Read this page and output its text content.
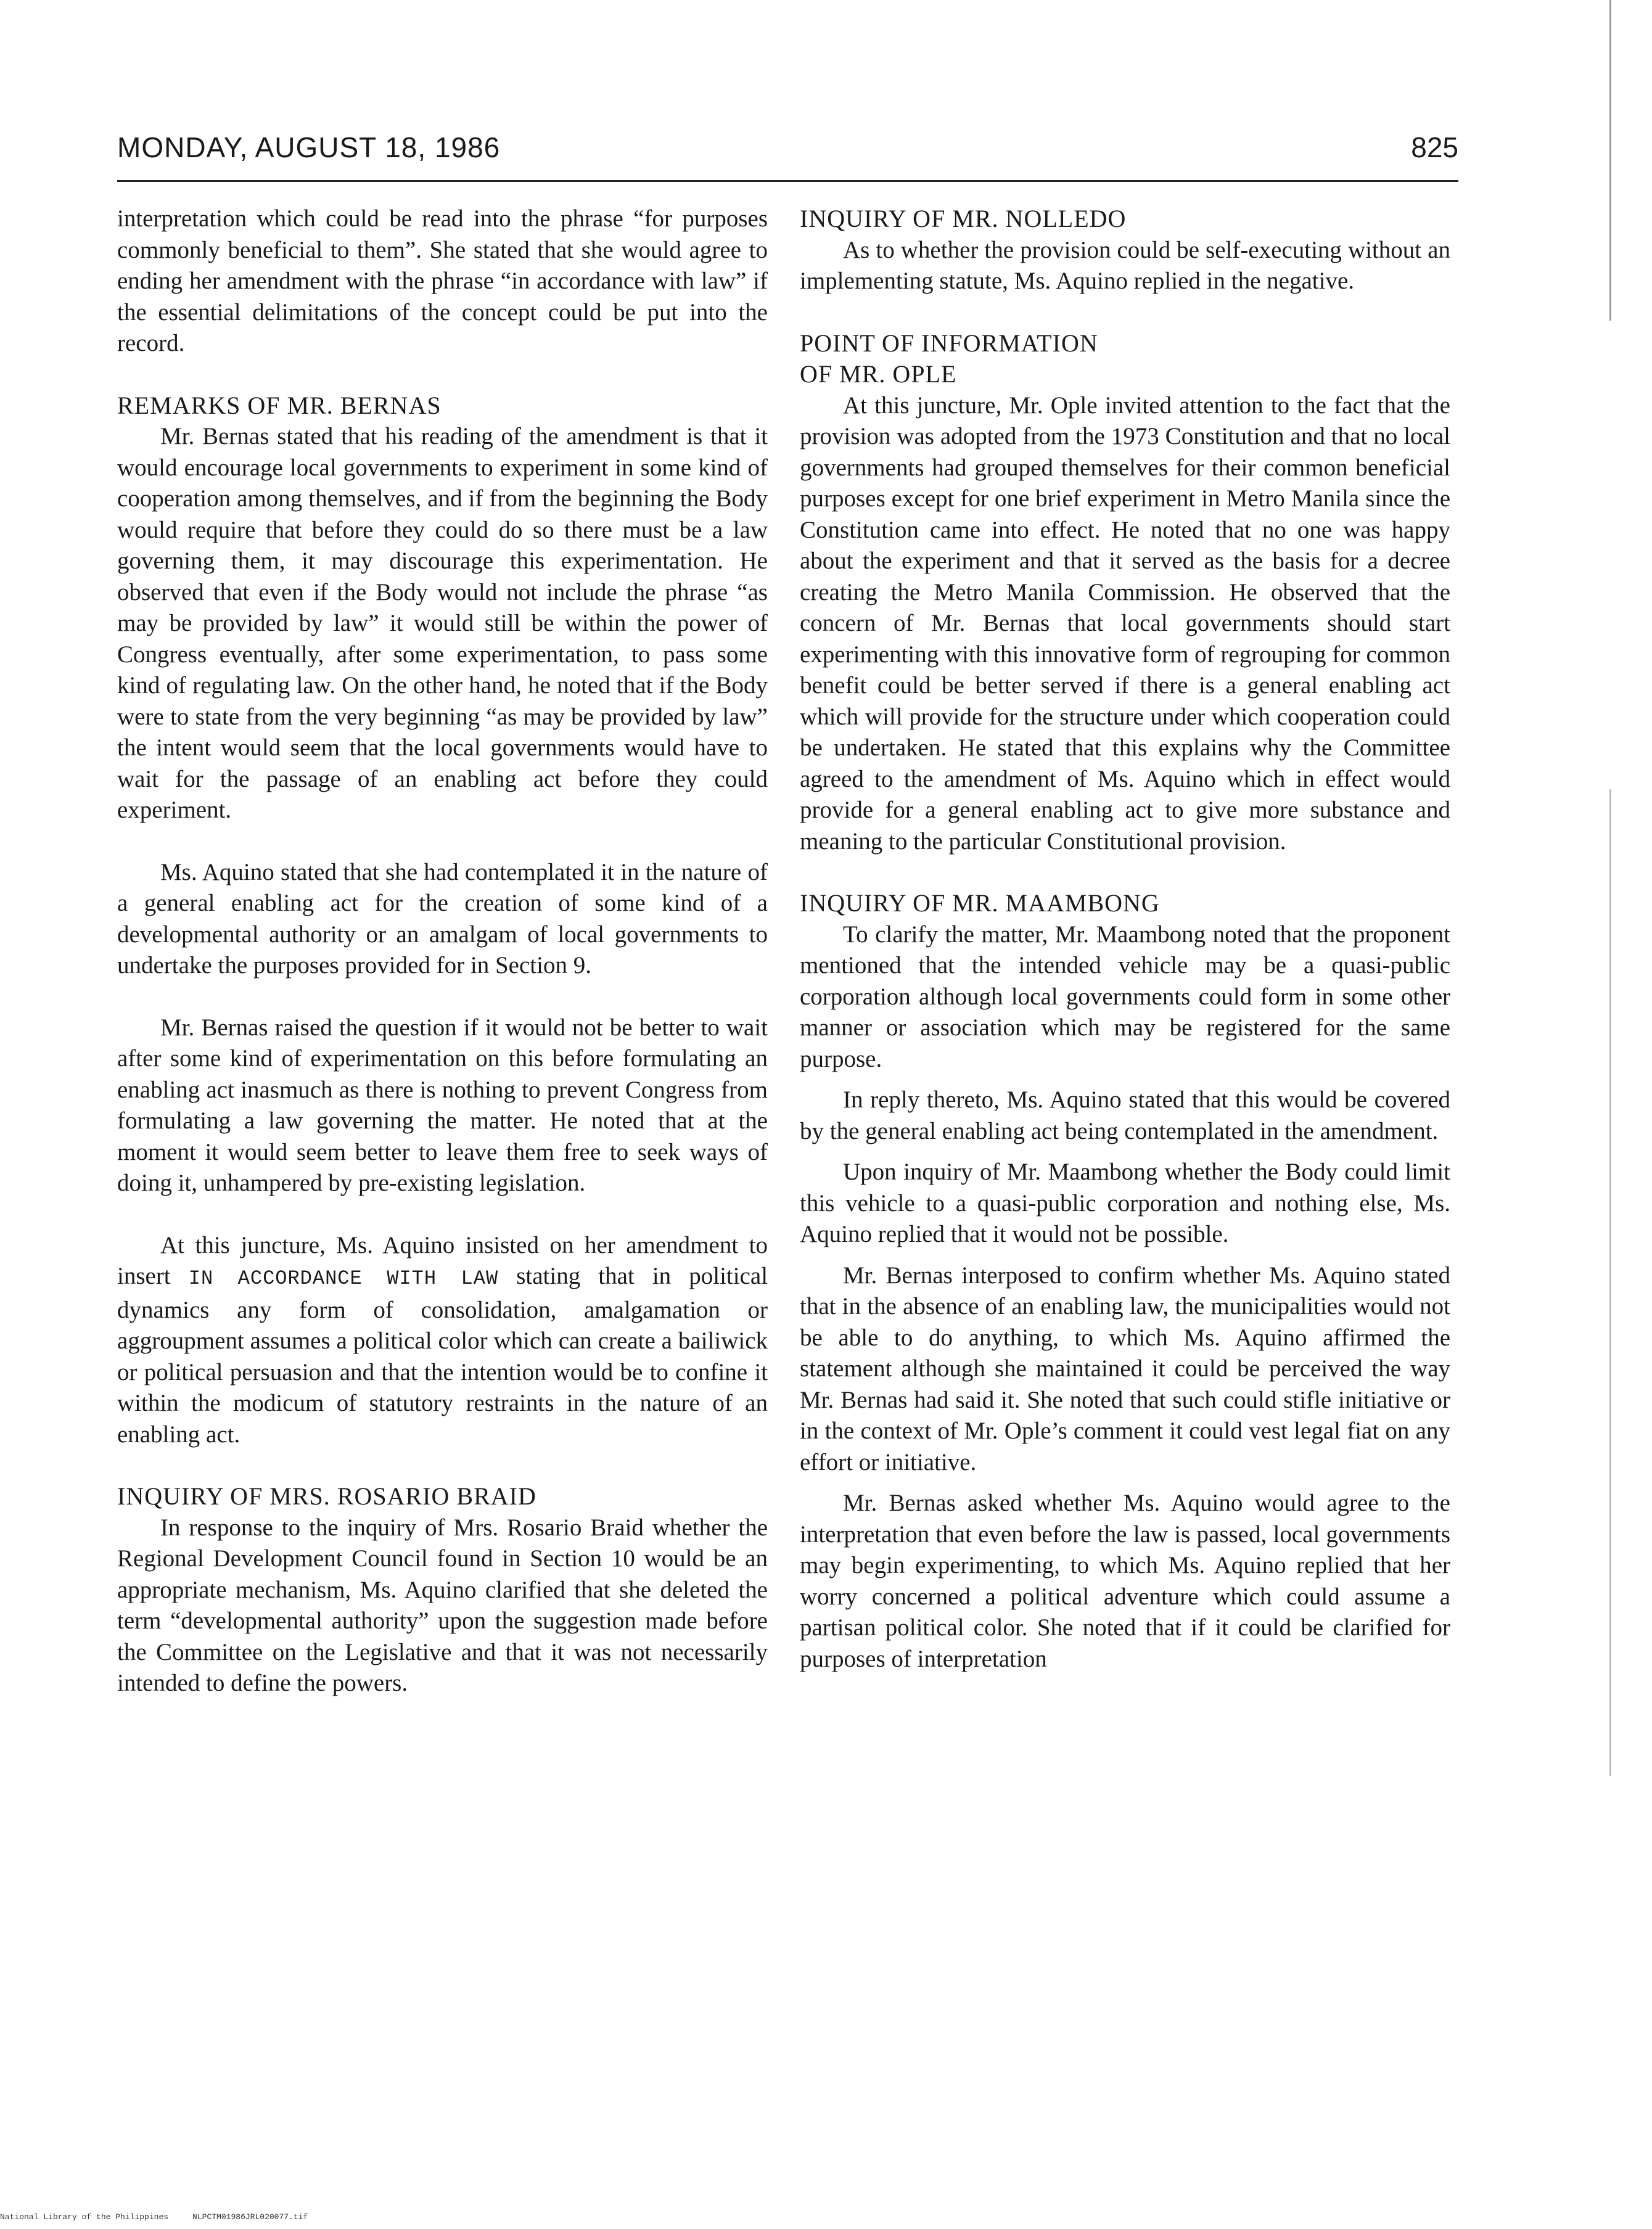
MONDAY, AUGUST 18, 1986	825

interpretation which could be read into the phrase “for purposes commonly beneficial to them”. She stated that she would agree to ending her amendment with the phrase “in accordance with law” if the essential delimitations of the concept could be put into the record.

REMARKS OF MR. BERNAS

Mr. Bernas stated that his reading of the amendment is that it would encourage local governments to experiment in some kind of cooperation among themselves, and if from the beginning the Body would require that before they could do so there must be a law governing them, it may discourage this experimentation. He observed that even if the Body would not include the phrase “as may be provided by law” it would still be within the power of Congress eventually, after some experimentation, to pass some kind of regulating law. On the other hand, he noted that if the Body were to state from the very beginning “as may be provided by law” the intent would seem that the local governments would have to wait for the passage of an enabling act before they could experiment.

Ms. Aquino stated that she had contemplated it in the nature of a general enabling act for the creation of some kind of a developmental authority or an amalgam of local governments to undertake the purposes provided for in Section 9.

Mr. Bernas raised the question if it would not be better to wait after some kind of experimentation on this before formulating an enabling act inasmuch as there is nothing to prevent Congress from formulating a law governing the matter. He noted that at the moment it would seem better to leave them free to seek ways of doing it, unhampered by pre-existing legislation.

At this juncture, Ms. Aquino insisted on her amendment to insert IN ACCORDANCE WITH LAW stating that in political dynamics any form of consolidation, amalgamation or aggroupment assumes a political color which can create a bailiwick or political persuasion and that the intention would be to confine it within the modicum of statutory restraints in the nature of an enabling act.

INQUIRY OF MRS. ROSARIO BRAID

In response to the inquiry of Mrs. Rosario Braid whether the Regional Development Council found in Section 10 would be an appropriate mechanism, Ms. Aquino clarified that she deleted the term “developmental authority” upon the suggestion made before the Committee on the Legislative and that it was not necessarily intended to define the powers.

INQUIRY OF MR. NOLLEDO

As to whether the provision could be self-executing without an implementing statute, Ms. Aquino replied in the negative.

POINT OF INFORMATION
OF MR. OPLE

At this juncture, Mr. Ople invited attention to the fact that the provision was adopted from the 1973 Constitution and that no local governments had grouped themselves for their common beneficial purposes except for one brief experiment in Metro Manila since the Constitution came into effect. He noted that no one was happy about the experiment and that it served as the basis for a decree creating the Metro Manila Commission. He observed that the concern of Mr. Bernas that local governments should start experimenting with this innovative form of regrouping for common benefit could be better served if there is a general enabling act which will provide for the structure under which cooperation could be undertaken. He stated that this explains why the Committee agreed to the amendment of Ms. Aquino which in effect would provide for a general enabling act to give more substance and meaning to the particular Constitutional provision.

INQUIRY OF MR. MAAMBONG

To clarify the matter, Mr. Maambong noted that the proponent mentioned that the intended vehicle may be a quasi-public corporation although local governments could form in some other manner or association which may be registered for the same purpose.

In reply thereto, Ms. Aquino stated that this would be covered by the general enabling act being contemplated in the amendment.

Upon inquiry of Mr. Maambong whether the Body could limit this vehicle to a quasi-public corporation and nothing else, Ms. Aquino replied that it would not be possible.

Mr. Bernas interposed to confirm whether Ms. Aquino stated that in the absence of an enabling law, the municipalities would not be able to do anything, to which Ms. Aquino affirmed the statement although she maintained it could be perceived the way Mr. Bernas had said it. She noted that such could stifle initiative or in the context of Mr. Ople’s comment it could vest legal fiat on any effort or initiative.

Mr. Bernas asked whether Ms. Aquino would agree to the interpretation that even before the law is passed, local governments may begin experimenting, to which Ms. Aquino replied that her worry concerned a political adventure which could assume a partisan political color. She noted that if it could be clarified for purposes of interpretation

National Library of the Philippines     NLPCTM01986JRL020077.tif
